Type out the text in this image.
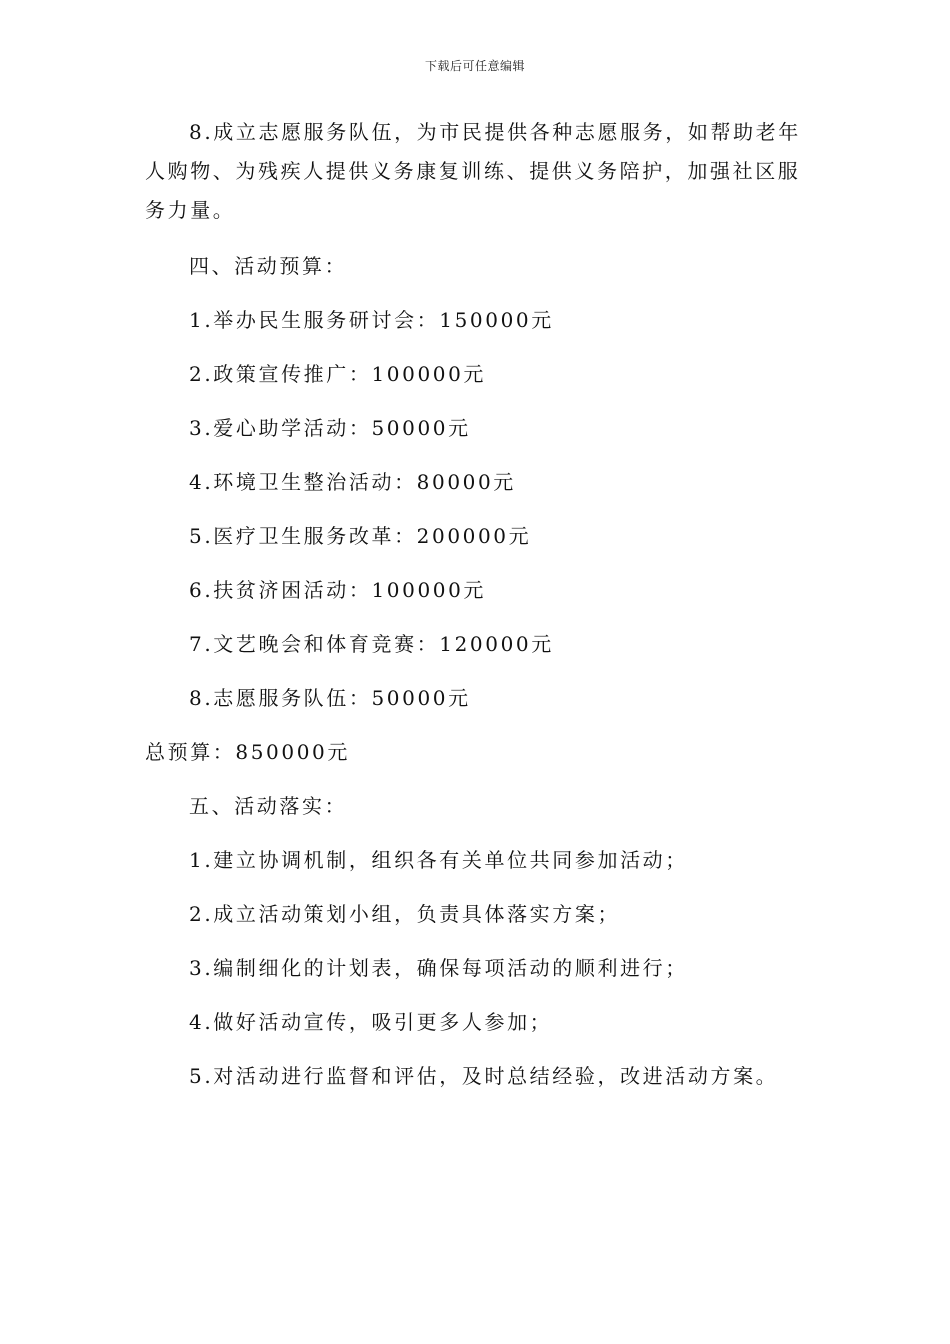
下载后可任意编辑

8.成立志愿服务队伍，为市民提供各种志愿服务，如帮助老年人购物、为残疾人提供义务康复训练、提供义务陪护，加强社区服务力量。

四、活动预算：

1.举办民生服务研讨会：150000元

2.政策宣传推广：100000元

3.爱心助学活动：50000元

4.环境卫生整治活动：80000元

5.医疗卫生服务改革：200000元

6.扶贫济困活动：100000元

7.文艺晚会和体育竞赛：120000元

8.志愿服务队伍：50000元

总预算：850000元

五、活动落实：

1.建立协调机制，组织各有关单位共同参加活动；

2.成立活动策划小组，负责具体落实方案；

3.编制细化的计划表，确保每项活动的顺利进行；

4.做好活动宣传，吸引更多人参加；

5.对活动进行监督和评估，及时总结经验，改进活动方案。
